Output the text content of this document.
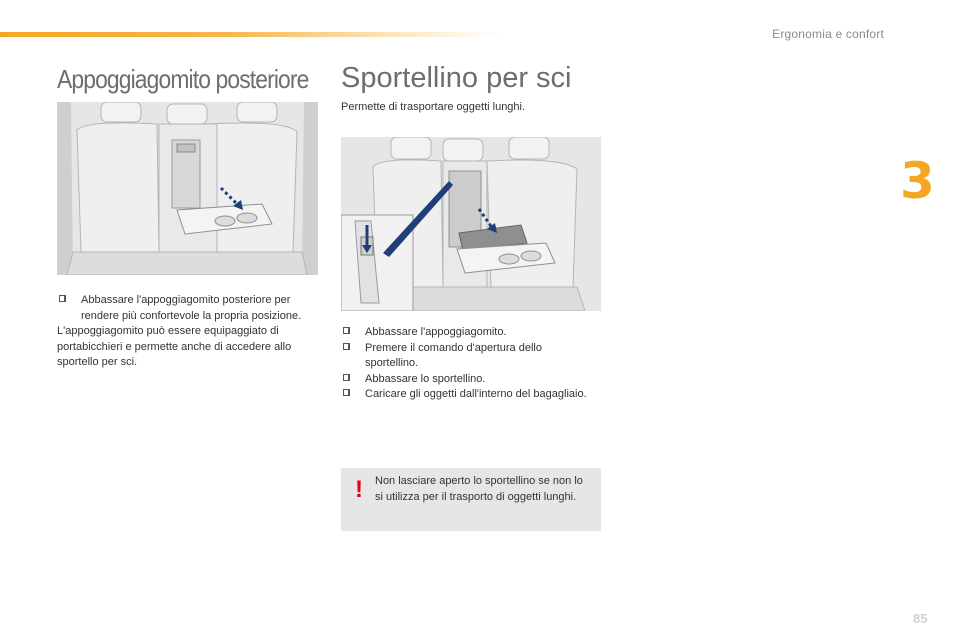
Ergonomia e confort
3
Appoggiagomito posteriore
Abbassare l'appoggiagomito posteriore per rendere più confortevole la propria posizione.
L'appoggiagomito può essere equipaggiato di portabicchieri e permette anche di accedere allo sportello per sci.
Sportellino per sci
Permette di trasportare oggetti lunghi.
Abbassare l'appoggiagomito.
Premere il comando d'apertura dello sportellino.
Abbassare lo sportellino.
Caricare gli oggetti dall'interno del bagagliaio.
! Non lasciare aperto lo sportellino se non lo si utilizza per il trasporto di oggetti lunghi.
85
